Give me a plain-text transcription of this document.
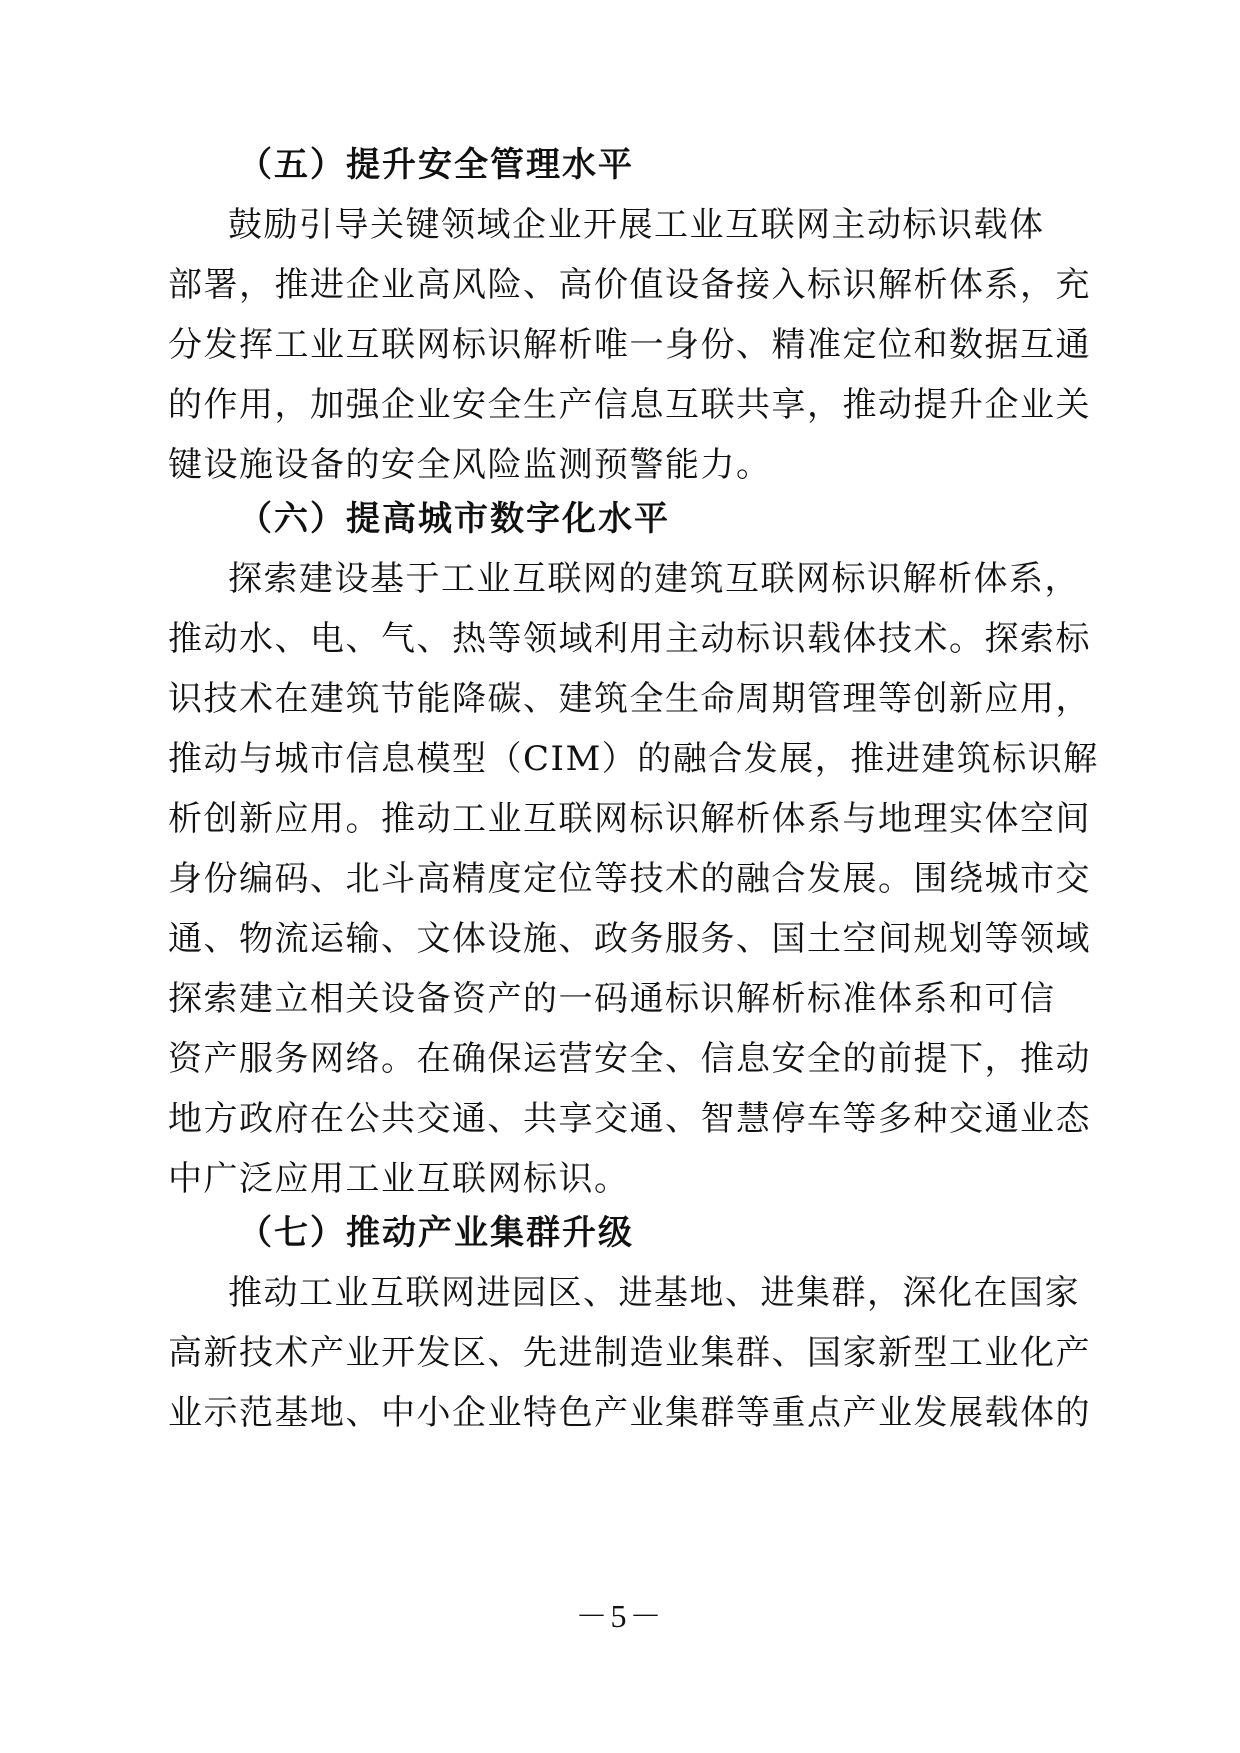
（五）提升安全管理水平
鼓励引导关键领域企业开展工业互联网主动标识载体
部署，推进企业高风险、高价值设备接入标识解析体系，充
分发挥工业互联网标识解析唯一身份、精准定位和数据互通
的作用，加强企业安全生产信息互联共享，推动提升企业关
键设施设备的安全风险监测预警能力。
（六）提高城市数字化水平
探索建设基于工业互联网的建筑互联网标识解析体系，
推动水、电、气、热等领域利用主动标识载体技术。探索标
识技术在建筑节能降碳、建筑全生命周期管理等创新应用，
推动与城市信息模型（CIM）的融合发展，推进建筑标识解
析创新应用。推动工业互联网标识解析体系与地理实体空间
身份编码、北斗高精度定位等技术的融合发展。围绕城市交
通、物流运输、文体设施、政务服务、国土空间规划等领域
探索建立相关设备资产的一码通标识解析标准体系和可信
资产服务网络。在确保运营安全、信息安全的前提下，推动
地方政府在公共交通、共享交通、智慧停车等多种交通业态
中广泛应用工业互联网标识。
（七）推动产业集群升级
推动工业互联网进园区、进基地、进集群，深化在国家
高新技术产业开发区、先进制造业集群、国家新型工业化产
业示范基地、中小企业特色产业集群等重点产业发展载体的
－5－
